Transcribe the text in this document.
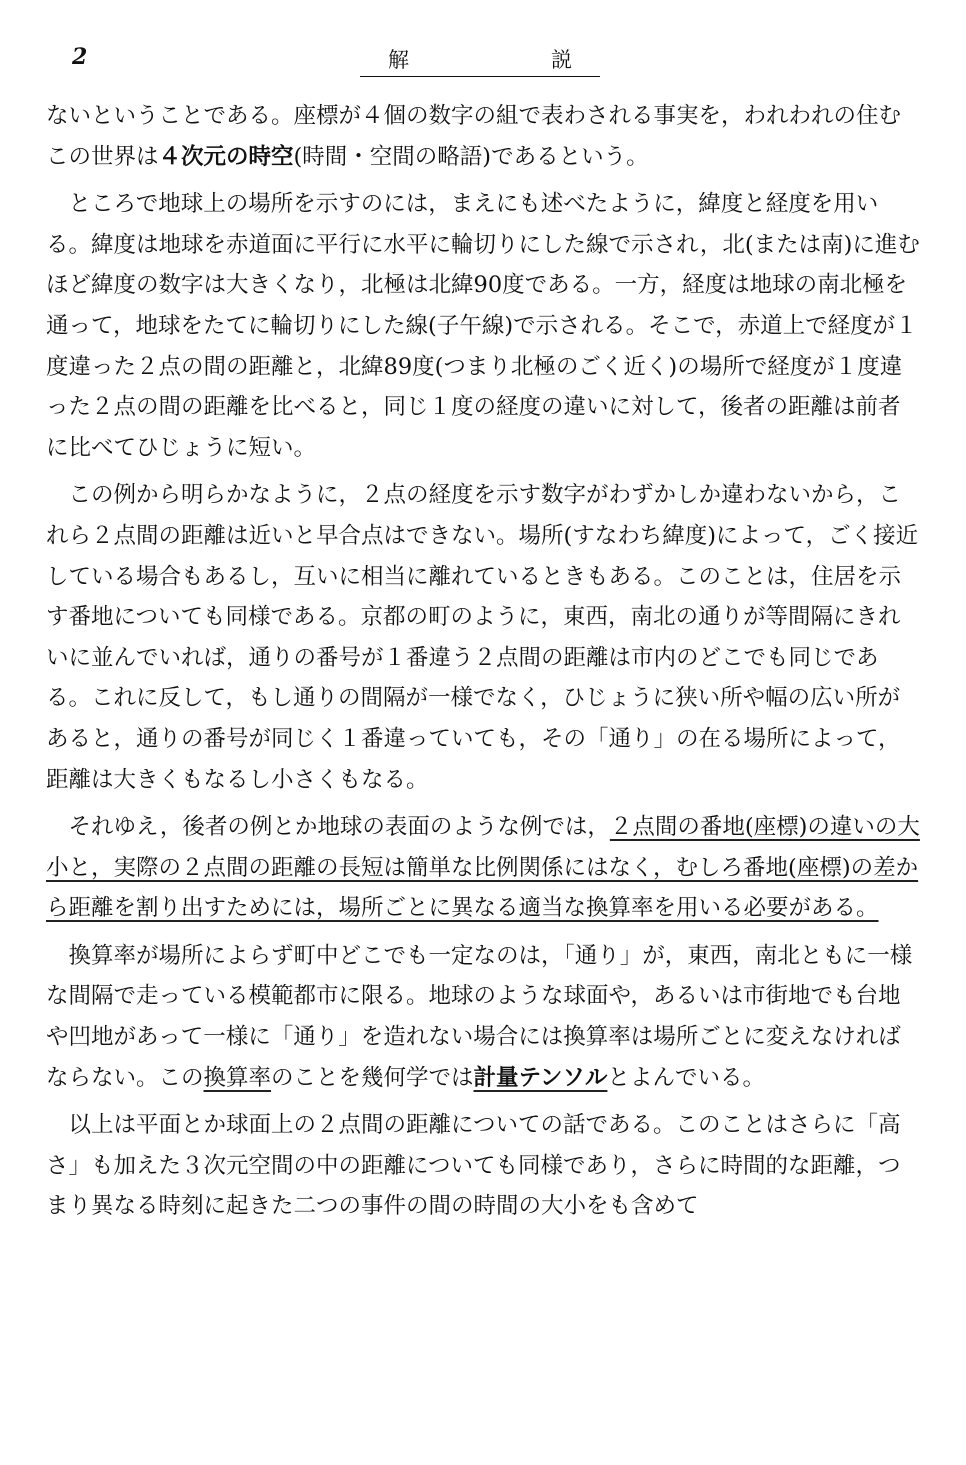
2	解	説

ないということである。座標が４個の数字の組で表わされる事実を，われわれの住むこの世界は４次元の時空(時間・空間の略語)であるという。

ところで地球上の場所を示すのには，まえにも述べたように，緯度と経度を用いる。緯度は地球を赤道面に平行に水平に輪切りにした線で示され，北(または南)に進むほど緯度の数字は大きくなり，北極は北緯90度である。一方，経度は地球の南北極を通って，地球をたてに輪切りにした線(子午線)で示される。そこで，赤道上で経度が１度違った２点の間の距離と，北緯89度(つまり北極のごく近く)の場所で経度が１度違った２点の間の距離を比べると，同じ１度の経度の違いに対して，後者の距離は前者に比べてひじょうに短い。

この例から明らかなように，２点の経度を示す数字がわずかしか違わないから，これら２点間の距離は近いと早合点はできない。場所(すなわち緯度)によって，ごく接近している場合もあるし，互いに相当に離れているときもある。このことは，住居を示す番地についても同様である。京都の町のように，東西，南北の通りが等間隔にきれいに並んでいれば，通りの番号が１番違う２点間の距離は市内のどこでも同じである。これに反して，もし通りの間隔が一様でなく，ひじょうに狭い所や幅の広い所があると，通りの番号が同じく１番違っていても，その「通り」の在る場所によって，距離は大きくもなるし小さくもなる。

それゆえ，後者の例とか地球の表面のような例では，２点間の番地(座標)の違いの大小と，実際の２点間の距離の長短は簡単な比例関係にはなく，むしろ番地(座標)の差から距離を割り出すためには，場所ごとに異なる適当な換算率を用いる必要がある。

換算率が場所によらず町中どこでも一定なのは，「通り」が，東西，南北ともに一様な間隔で走っている模範都市に限る。地球のような球面や，あるいは市街地でも台地や凹地があって一様に「通り」を造れない場合には換算率は場所ごとに変えなければならない。この換算率のことを幾何学では計量テンソルとよんでいる。

以上は平面とか球面上の２点間の距離についての話である。このことはさらに「高さ」も加えた３次元空間の中の距離についても同様であり，さらに時間的な距離，つまり異なる時刻に起きた二つの事件の間の時間の大小をも含めて
